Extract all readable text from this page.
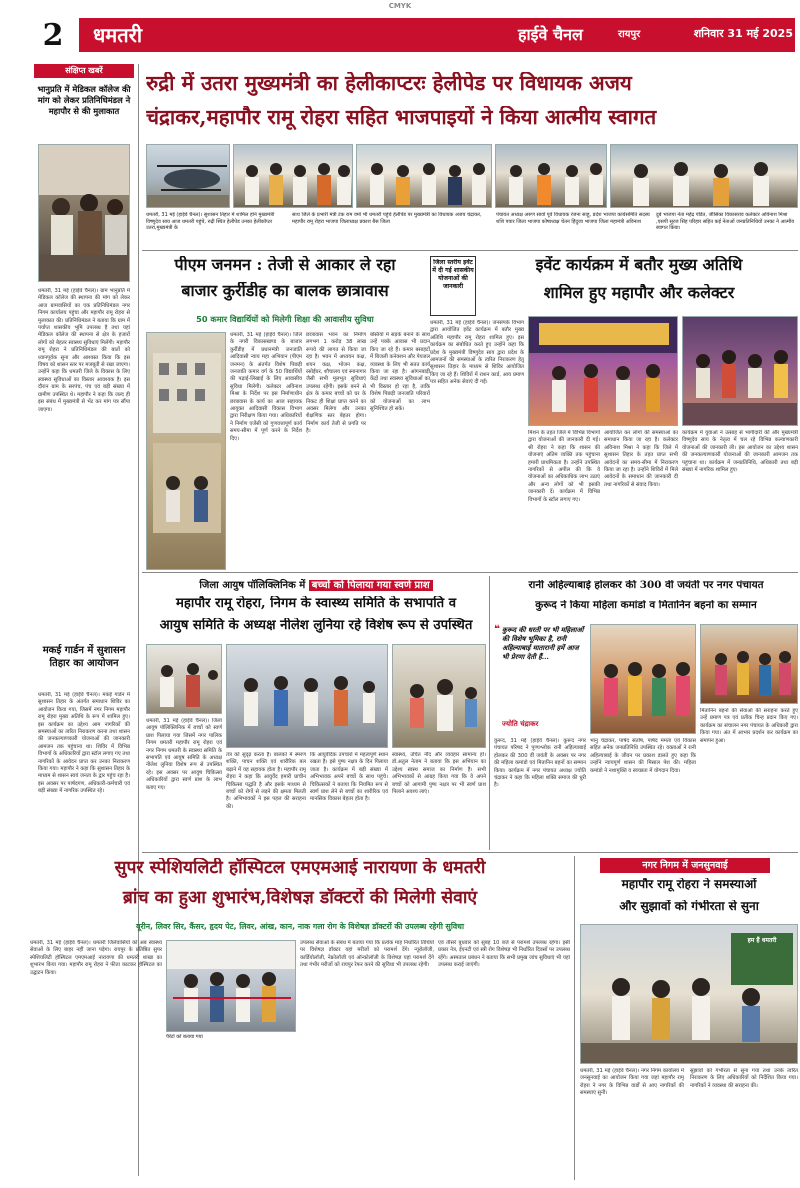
CMYK
2	धमतरी	हाईवे चैनल	रायपुर	शनिवार 31 मई 2025
संक्षिप्त खबरें
भानुप्रति में मेडिकल कॉलेज की मांग को लेकर प्रतिनिधिमंडल ने महापौर से की मुलाकात
धमतरी, 31 मई (हाईवे चैनल)। ग्राम भानुप्रति में मेडिकल कॉलेज की स्थापना की मांग को लेकर आज ग्रामवासियों का एक प्रतिनिधिमंडल नगर निगम कार्यालय पहुंचा और महापौर रामू रोहरा से मुलाकात की। प्रतिनिधिमंडल ने बताया कि ग्राम में पर्याप्त शासकीय भूमि उपलब्ध है तथा यहां मेडिकल कॉलेज की स्थापना से क्षेत्र के हजारों लोगों को बेहतर स्वास्थ्य सुविधाएं मिलेंगी। महापौर रामू रोहरा ने प्रतिनिधिमंडल की बातों को ध्यानपूर्वक सुना और आश्वस्त किया कि इस विषय को शासन स्तर पर मजबूती से रखा जाएगा। उन्होंने कहा कि धमतरी जिले के विकास के लिए स्वास्थ्य सुविधाओं का विस्तार आवश्यक है। इस दौरान ग्राम के सरपंच, पंच एवं बड़ी संख्या में ग्रामीण उपस्थित थे। महापौर ने कहा कि जल्द ही इस संबंध में मुख्यमंत्री से भेंट कर मांग पत्र सौंपा जाएगा।
मकई गार्डन में सुशासन तिहार का आयोजन
धमतरी, 31 मई (हाईवे चैनल)। मकई गार्डन में सुशासन तिहार के अंतर्गत समाधान शिविर का आयोजन किया गया, जिसमें नगर निगम महापौर रामू रोहरा मुख्य अतिथि के रूप में शामिल हुए। इस कार्यक्रम का उद्देश्य आम नागरिकों की समस्याओं का त्वरित निराकरण करना तथा शासन की जनकल्याणकारी योजनाओं की जानकारी आमजन तक पहुंचाना था। शिविर में विभिन्न विभागों के अधिकारियों द्वारा स्टॉल लगाए गए तथा नागरिकों के आवेदन प्राप्त कर उनका निराकरण किया गया। महापौर ने कहा कि सुशासन तिहार के माध्यम से शासन स्वयं जनता के द्वार पहुंच रहा है। इस अवसर पर पार्षदगण, अधिकारी-कर्मचारी एवं बड़ी संख्या में नागरिक उपस्थित रहे।
रुद्री में उतरा मुख्यमंत्री का हेलीकाप्टरः हेलीपेड पर विधायक अजय
चंद्राकर,महापौर रामू रोहरा सहित भाजपाइयों ने किया आत्मीय स्वागत
धमतरी, 31 मई (हाईवे चैनल)। सुशासन तिहार में शामिल होने मुख्यमंत्री विष्णुदेव साय आज धमतरी पहुंचे, रुद्री स्थित हेलीपेड उनका हेलीकॉप्टर उतरा,मुख्यमंत्री के
साथ जिले के प्रभारी मंत्री टंक राम वर्मा भी धमतरी पहुंचे हेलीपेड पर मुख्यमंत्री का विधायक अजय चंद्राकर, महापौर रामू रोहरा भाजपा जिलाध्यक्ष प्रकाश बैस जिला
पंचायत अध्यक्ष अरुण सार्वा पूर्व विधायक रंजना साहू, प्रदेश भाजपा कार्यसमिति सदस्य शशि पवार जिला भाजपा कोषाध्यक्ष चेतन हिंदुजा भाजपा जिला महामंत्री अविनाश
दुबे भाजपा नेता महेंद्र पंडित, जीसिका विकासराव कलेक्टर अविनाश मिश्रा ,एसपी सूरज सिंह परिहार सहित कई नेताओं जनप्रतिनिधियों उनका ने आत्मीय स्वागत किया।
पीएम जनमन : तेजी से आकार ले रहा
बाजार कुर्रीडीह का बालक छात्रावास
50 कमार विद्यार्थियों को मिलेगी शिक्षा की आवासीय सुविधा
धमतरी, 31 मई (हाईवे चैनल)। जिले के नगरी विकासखण्ड के बाजार कुर्रीडीह में प्रधानमंत्री जनजाति आदिवासी न्याय महा अभियान (पीएम जनमन) के अंतर्गत विशेष पिछड़ी जनजाति कमार वर्ग के 50 विद्यार्थियों की पढ़ाई-लिखाई के लिए आवासीय सुविधा मिलेगी। कलेक्टर अविनाश मिश्रा के निर्देश पर इस निर्माणाधीन छात्रावास के कार्य का आज सहायक आयुक्त आदिवासी विकास विभाग द्वारा निरीक्षण किया गया। अधिकारियों ने निर्माण एजेंसी को गुणवत्तापूर्ण कार्य समय-सीमा में पूर्ण करने के निर्देश दिए।
छात्रावास भवन का निर्माण लगभग 1 करोड़ 38 लाख रूपये की लागत से किया जा रहा है। भवन में अध्ययन कक्ष, शयन कक्ष, भोजन कक्ष, रसोईघर, शौचालय एवं स्नानागार जैसी सभी मूलभूत सुविधाएं उपलब्ध रहेंगी। इसके बनने से क्षेत्र के कमार बच्चों को घर के निकट ही शिक्षा प्राप्त करने का अवसर मिलेगा और उनका शैक्षणिक स्तर बेहतर होगा। निर्माण कार्य तेजी से प्रगति पर है।
बस्तियों में सड़कें बनाने के साथ उन्हें पक्के आवास भी प्रदान किए जा रहे हैं। कमार बसाहटों में बिजली कनेक्शन और पेयजल व्यवस्था के लिए भी सतत कार्य किया जा रहा है। आंगनबाड़ी केंद्रों तथा स्वास्थ्य सुविधाओं का भी विस्तार हो रहा है, ताकि विशेष पिछड़ी जनजाति परिवारों को योजनाओं का लाभ सुनिश्चित हो सके।
जिला स्तरीय इवेंट में दी गई शासकीय योजनाओं की जानकारी
इवेंट कार्यक्रम में बतौर मुख्य अतिथि
शामिल हुए महापौर और कलेक्टर
धमतरी, 31 मई (हाईवे चैनल)। जनसंपर्क विभाग द्वारा आयोजित इवेंट कार्यक्रम में बतौर मुख्य अतिथि महापौर रामू रोहरा शामिल हुए। इस कार्यक्रम का संबोधित करते हुए उन्होंने कहा कि प्रदेश के मुख्यमंत्री विष्णुदेव साय द्वारा प्रदेश के आमजनों की समस्याओं के त्वरित निराकरण हेतु सुशासन तिहार के माध्यम से शिविर आयोजित किए जा रहे हैं। शिविरों में राशन कार्ड, आय प्रमाण पत्र सहित अनेक सेवाएं दी गईं।
मिशन के तहत जिले में विभिन्न विभागों द्वारा योजनाओं की जानकारी दी गई। श्री रोहरा ने कहा कि शासन की योजनाएं अंतिम व्यक्ति तक पहुंचाना हमारी प्राथमिकता है। उन्होंने उपस्थित नागरिकों से अपील की कि वे योजनाओं का अधिकाधिक लाभ उठाएं और अन्य लोगों को भी इसकी जानकारी दें। कार्यक्रम में विभिन्न विभागों के स्टॉल लगाए गए।
आयोजित कर लोगों की समस्याओं का समाधान किया जा रहा है। कलेक्टर अविनाश मिश्रा ने कहा कि जिले में सुशासन तिहार के तहत प्राप्त सभी आवेदनों का समय-सीमा में निराकरण किया जा रहा है। उन्होंने शिविरों में मिले आवेदनों के समाधान की जानकारी दी तथा नागरिकों से संवाद किया।
कार्यक्रम में युवाओं ने उत्साह से भागीदारी की और मुख्यमंत्री विष्णुदेव साय के नेतृत्व में चल रहे विभिन्न कल्याणकारी योजनाओं की जानकारी ली। इस आयोजन का उद्देश्य शासन की जनकल्याणकारी योजनाओं की जानकारी आमजन तक पहुंचाना था। कार्यक्रम में जनप्रतिनिधि, अधिकारी तथा बड़ी संख्या में नागरिक शामिल हुए।
जिला आयुष पॉलिक्लिनिक में बच्चों को पिलाया गया स्वर्ण प्राश
महापौर रामू रोहरा, निगम के स्वास्थ्य समिति के सभापति व
आयुष समिति के अध्यक्ष नीलेश लुनिया रहे विशेष रूप से उपस्थित
धमतरी, 31 मई (हाईवे चैनल)। जिला आयुष पॉलिक्लिनिक में बच्चों को स्वर्ण प्राश पिलाया गया जिसमें नगर पालिक निगम धमतरी महापौर रामू रोहरा एवं नगर निगम धमतरी के स्वास्थ्य समिति के सभापति एवं आयुष समिति के अध्यक्ष नीलेश लुनिया विशेष रूप से उपस्थित रहे। इस अवसर पर आयुष चिकित्सा अधिकारियों द्वारा स्वर्ण प्राश के लाभ बताए गए।
तंत्र को सुदृढ़ करता है। बालकों में स्मरण शक्ति, पाचन शक्ति एवं शारीरिक बल बढ़ाने में यह सहायक होता है। महापौर रामू रोहरा ने कहा कि आयुर्वेद हमारी प्राचीन चिकित्सा पद्धति है और इसके माध्यम से बच्चों को रोगों से लड़ने की क्षमता मिलती है। अभिभावकों ने इस पहल की सराहना की।
कि आयुर्वेदिक उपचारों में महत्वपूर्ण स्थान रखता है। इसे पुष्य नक्षत्र के दिन पिलाया जाता है। कार्यक्रम में बड़ी संख्या में अभिभावक अपने बच्चों के साथ पहुंचे। चिकित्सकों ने बताया कि नियमित रूप से स्वर्ण प्राश लेने से बच्चों का शारीरिक एवं मानसिक विकास बेहतर होता है।
स्वास्थ्य, उचित नींद और व्यवहार सामान्य हो। डॉ.अतुल नेताम ने बताया कि इस अभियान का उद्देश्य स्वस्थ समाज का निर्माण है। सभी अभिभावकों से आग्रह किया गया कि वे अपने बच्चों को आगामी पुष्य नक्षत्र पर भी स्वर्ण प्राश पिलाने अवश्य लाएं।
रानी अहिल्याबाई होलकर की 300 वीं जयंती पर नगर पंचायत
कुरूद ने किया महिला कमांडो व मितानिन बहनों का सम्मान
❝ कुरूद की धरती पर भी महिलाओं की विशेष भूमिका है, रानी अहिल्याबाई मातारानी हमें आज भी प्रेरणा देती हैं...
ज्योति चंद्राकर
मितानिन बहनों की सेवाओं की सराहना करते हुए उन्हें प्रमाण पत्र एवं प्रतीक चिन्ह प्रदान किए गए। कार्यक्रम का संचालन नगर पंचायत के अधिकारी द्वारा किया गया। अंत में आभार प्रदर्शन कर कार्यक्रम का समापन हुआ।
कुरूद, 31 मई (हाईवे चैनल)। कुरूद नगर पंचायत परिषद ने पुण्यश्लोक रानी अहिल्याबाई होलकर की 300 वीं जयंती के अवसर पर नगर की महिला कमांडो एवं मितानिन बहनों का सम्मान किया। कार्यक्रम में नगर पंचायत अध्यक्ष ज्योति चंद्राकर ने कहा कि महिला शक्ति समाज की धुरी है।
भानु चंद्राकर, पार्षद संतोष, पार्षद ममता एवं विकास सहित अनेक जनप्रतिनिधि उपस्थित रहे। वक्ताओं ने रानी अहिल्याबाई के जीवन पर प्रकाश डालते हुए कहा कि उन्होंने न्यायपूर्ण शासन की मिसाल पेश की। महिला कमांडो ने नशामुक्ति व स्वच्छता में योगदान दिया।
सुपर स्पेशियलिटी हॉस्पिटल एमएमआई नारायणा के धमतरी
ब्रांच का हुआ शुभारंभ,विशेषज्ञ डॉक्टरों की मिलेगी सेवाएं
यूरीन, लिवर सिर, कैंसर, हृदय पेट, लिवर, आंख, कान, नाक गला रोग के विशेषज्ञ डॉक्टरों की उपलब्ध रहेगी सुविधा
धमतरी, 31 मई (हाईवे चैनल)। धमतरी जिलेवासियों को अब स्वास्थ्य सेवाओं के लिए बाहर नहीं जाना पड़ेगा। रायपुर के प्रतिष्ठित सुपर स्पेशियलिटी हॉस्पिटल एमएमआई नारायणा की धमतरी शाखा का शुभारंभ किया गया। महापौर रामू रोहरा ने फीता काटकर हॉस्पिटल का उद्घाटन किया।
पैरेंटों को बताया गया
उपलब्ध सेवाओं के संबंध में बताया गया कि प्रत्येक माह निर्धारित तिथियों पर विशेषज्ञ डॉक्टर यहां मरीजों को परामर्श देंगे। न्यूरोलॉजी, कार्डियोलॉजी, नेफ्रोलॉजी एवं ऑन्कोलॉजी के विशेषज्ञ यहां परामर्श देंगे तथा गंभीर मरीजों को रायपुर रेफर करने की सुविधा भी उपलब्ध रहेगी।
एवं तीसरे बुधवार को सुबह 10 बजे से परामर्श उपलब्ध रहेगा। इसी प्रकार नेत्र, ईएनटी एवं स्त्री रोग विशेषज्ञ भी निर्धारित दिवसों पर उपलब्ध रहेंगे। अस्पताल प्रबंधन ने बताया कि सभी प्रमुख जांच सुविधाएं भी यहां उपलब्ध कराई जाएंगी।
नगर निगम में जनसुनवाई
महापौर रामू रोहरा ने समस्याओं
और सुझावों को गंभीरता से सुना
हम हैं धमतरी
धमतरी, 31 मई (हाईवे चैनल)। नगर निगम कार्यालय में जनसुनवाई का आयोजन किया गया जहां महापौर रामू रोहरा ने नगर के विभिन्न वार्डों से आए नागरिकों की समस्याएं सुनीं।
सुझावों को गंभीरता से सुना गया तथा उनके त्वरित निराकरण के लिए अधिकारियों को निर्देशित किया गया। नागरिकों ने व्यवस्था की सराहना की।
